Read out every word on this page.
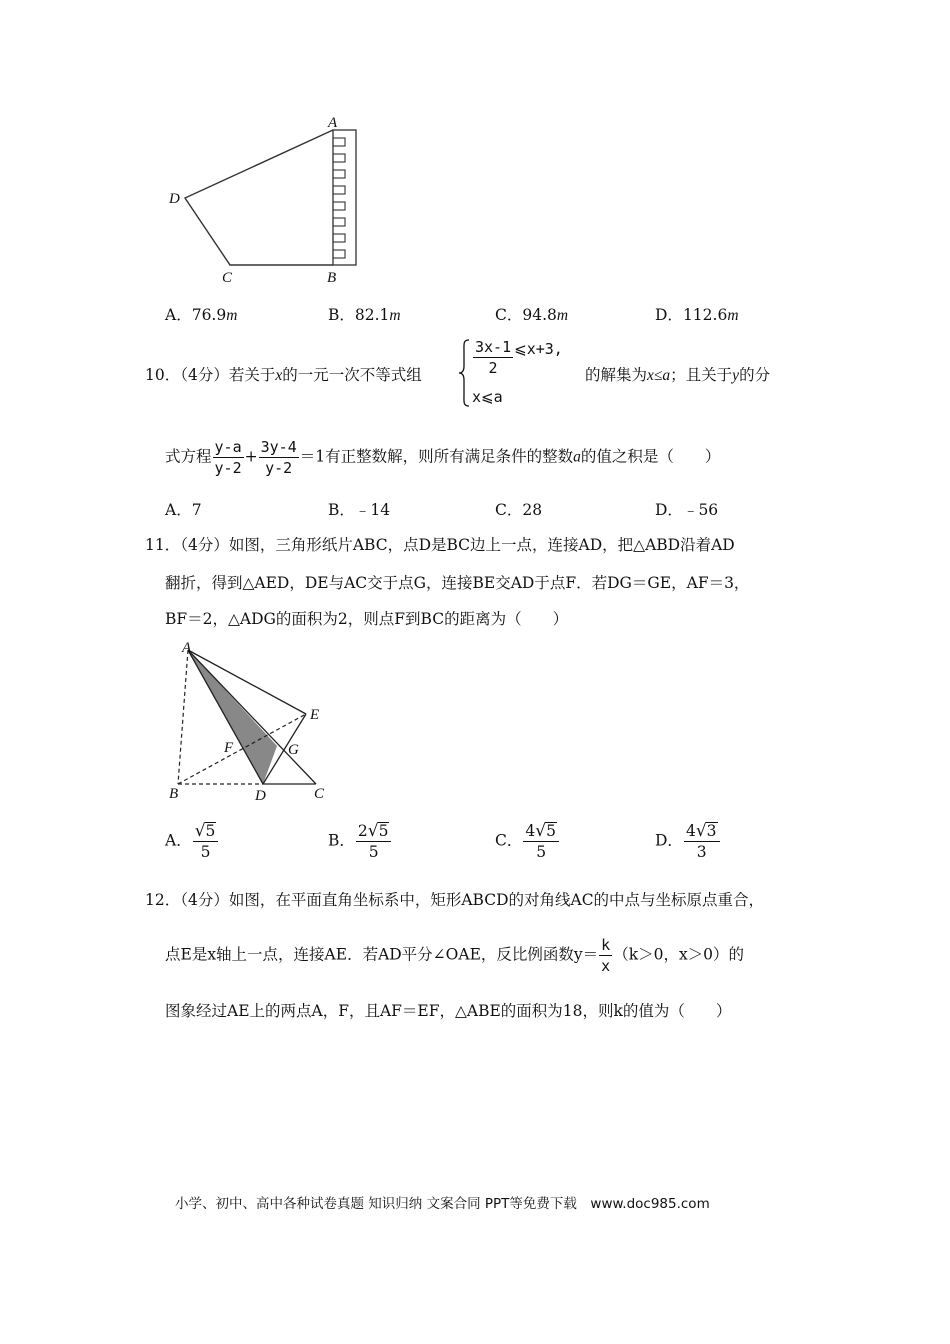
A
D
C	B
A．76.9m	B．82.1m	C．94.8m	D．112.6m
10．（4分）若关于x的一元一次不等式组	$\frac{3x-1}{2}$ ⩽x+3,
x⩽a
的解集为x≤a；且关于y的分
式方程 $\frac{y-a}{y-2} + \frac{3y-4}{y-2} =1$有正整数解，则所有满足条件的整数a的值之积是（　　）
A．7	B．﹣14	C．28	D．﹣56
11．（4分）如图，三角形纸片ABC，点D是BC边上一点，连接AD，把△ABD沿着AD
翻折，得到△AED，DE与AC交于点G，连接BE交AD于点F．若DG＝GE，AF＝3，
BF＝2，△ADG的面积为2，则点F到BC的距离为（　　）
A
E
F	G
B	D	C
A． $\frac{√5}{5}$	B． $\frac{2√5}{5}$	C． $\frac{4√5}{5}$	D． $\frac{4√3}{3}$
12．（4分）如图，在平面直角坐标系中，矩形ABCD的对角线AC的中点与坐标原点重合，
点E是x轴上一点，连接AE．若AD平分∠OAE，反比例函数$y= \frac{k}{x} (k>0$，x＞0）的
图象经过AE上的两点A，F，且AF＝EF，△ABE的面积为18，则k的值为（　　）
小学、初中、高中各种试卷真题 知识归纳 文案合同 PPT等免费下载　www.doc985.com
